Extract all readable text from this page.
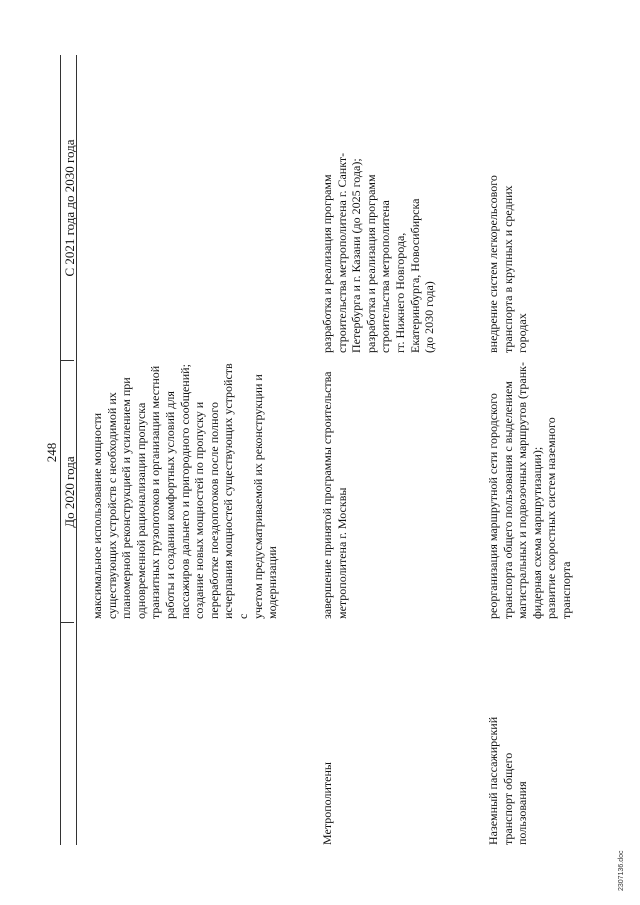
248
До 2020 года
С 2021 года до 2030 года
максимальное использование мощности
существующих устройств с необходимой их
планомерной реконструкцией и усилением при
одновременной рационализации пропуска
транзитных грузопотоков и организации местной
работы и создании комфортных условий для
пассажиров дальнего и пригородного сообщений;
создание новых мощностей по пропуску и
переработке поездопотоков после полного
исчерпания мощностей существующих устройств с
учетом предусматриваемой их реконструкции и
модернизации
Метрополитены
завершение принятой программы строительства
метрополитена г. Москвы
разработка и реализация программ
строительства метрополитена г. Санкт-
Петербурга и г. Казани (до 2025 года);
разработка и реализация программ
строительства метрополитена
гг. Нижнего Новгорода,
Екатеринбурга, Новосибирска
(до 2030 года)
Наземный пассажирский
транспорт общего
пользования
реорганизация маршрутной сети городского
транспорта общего пользования с выделением
магистральных и подвозочных маршрутов (транк-
фидерная схема маршрутизации);
развитие скоростных систем наземного транспорта
внедрение систем легкорельсового
транспорта в крупных и средних
городах
2307136.doc
